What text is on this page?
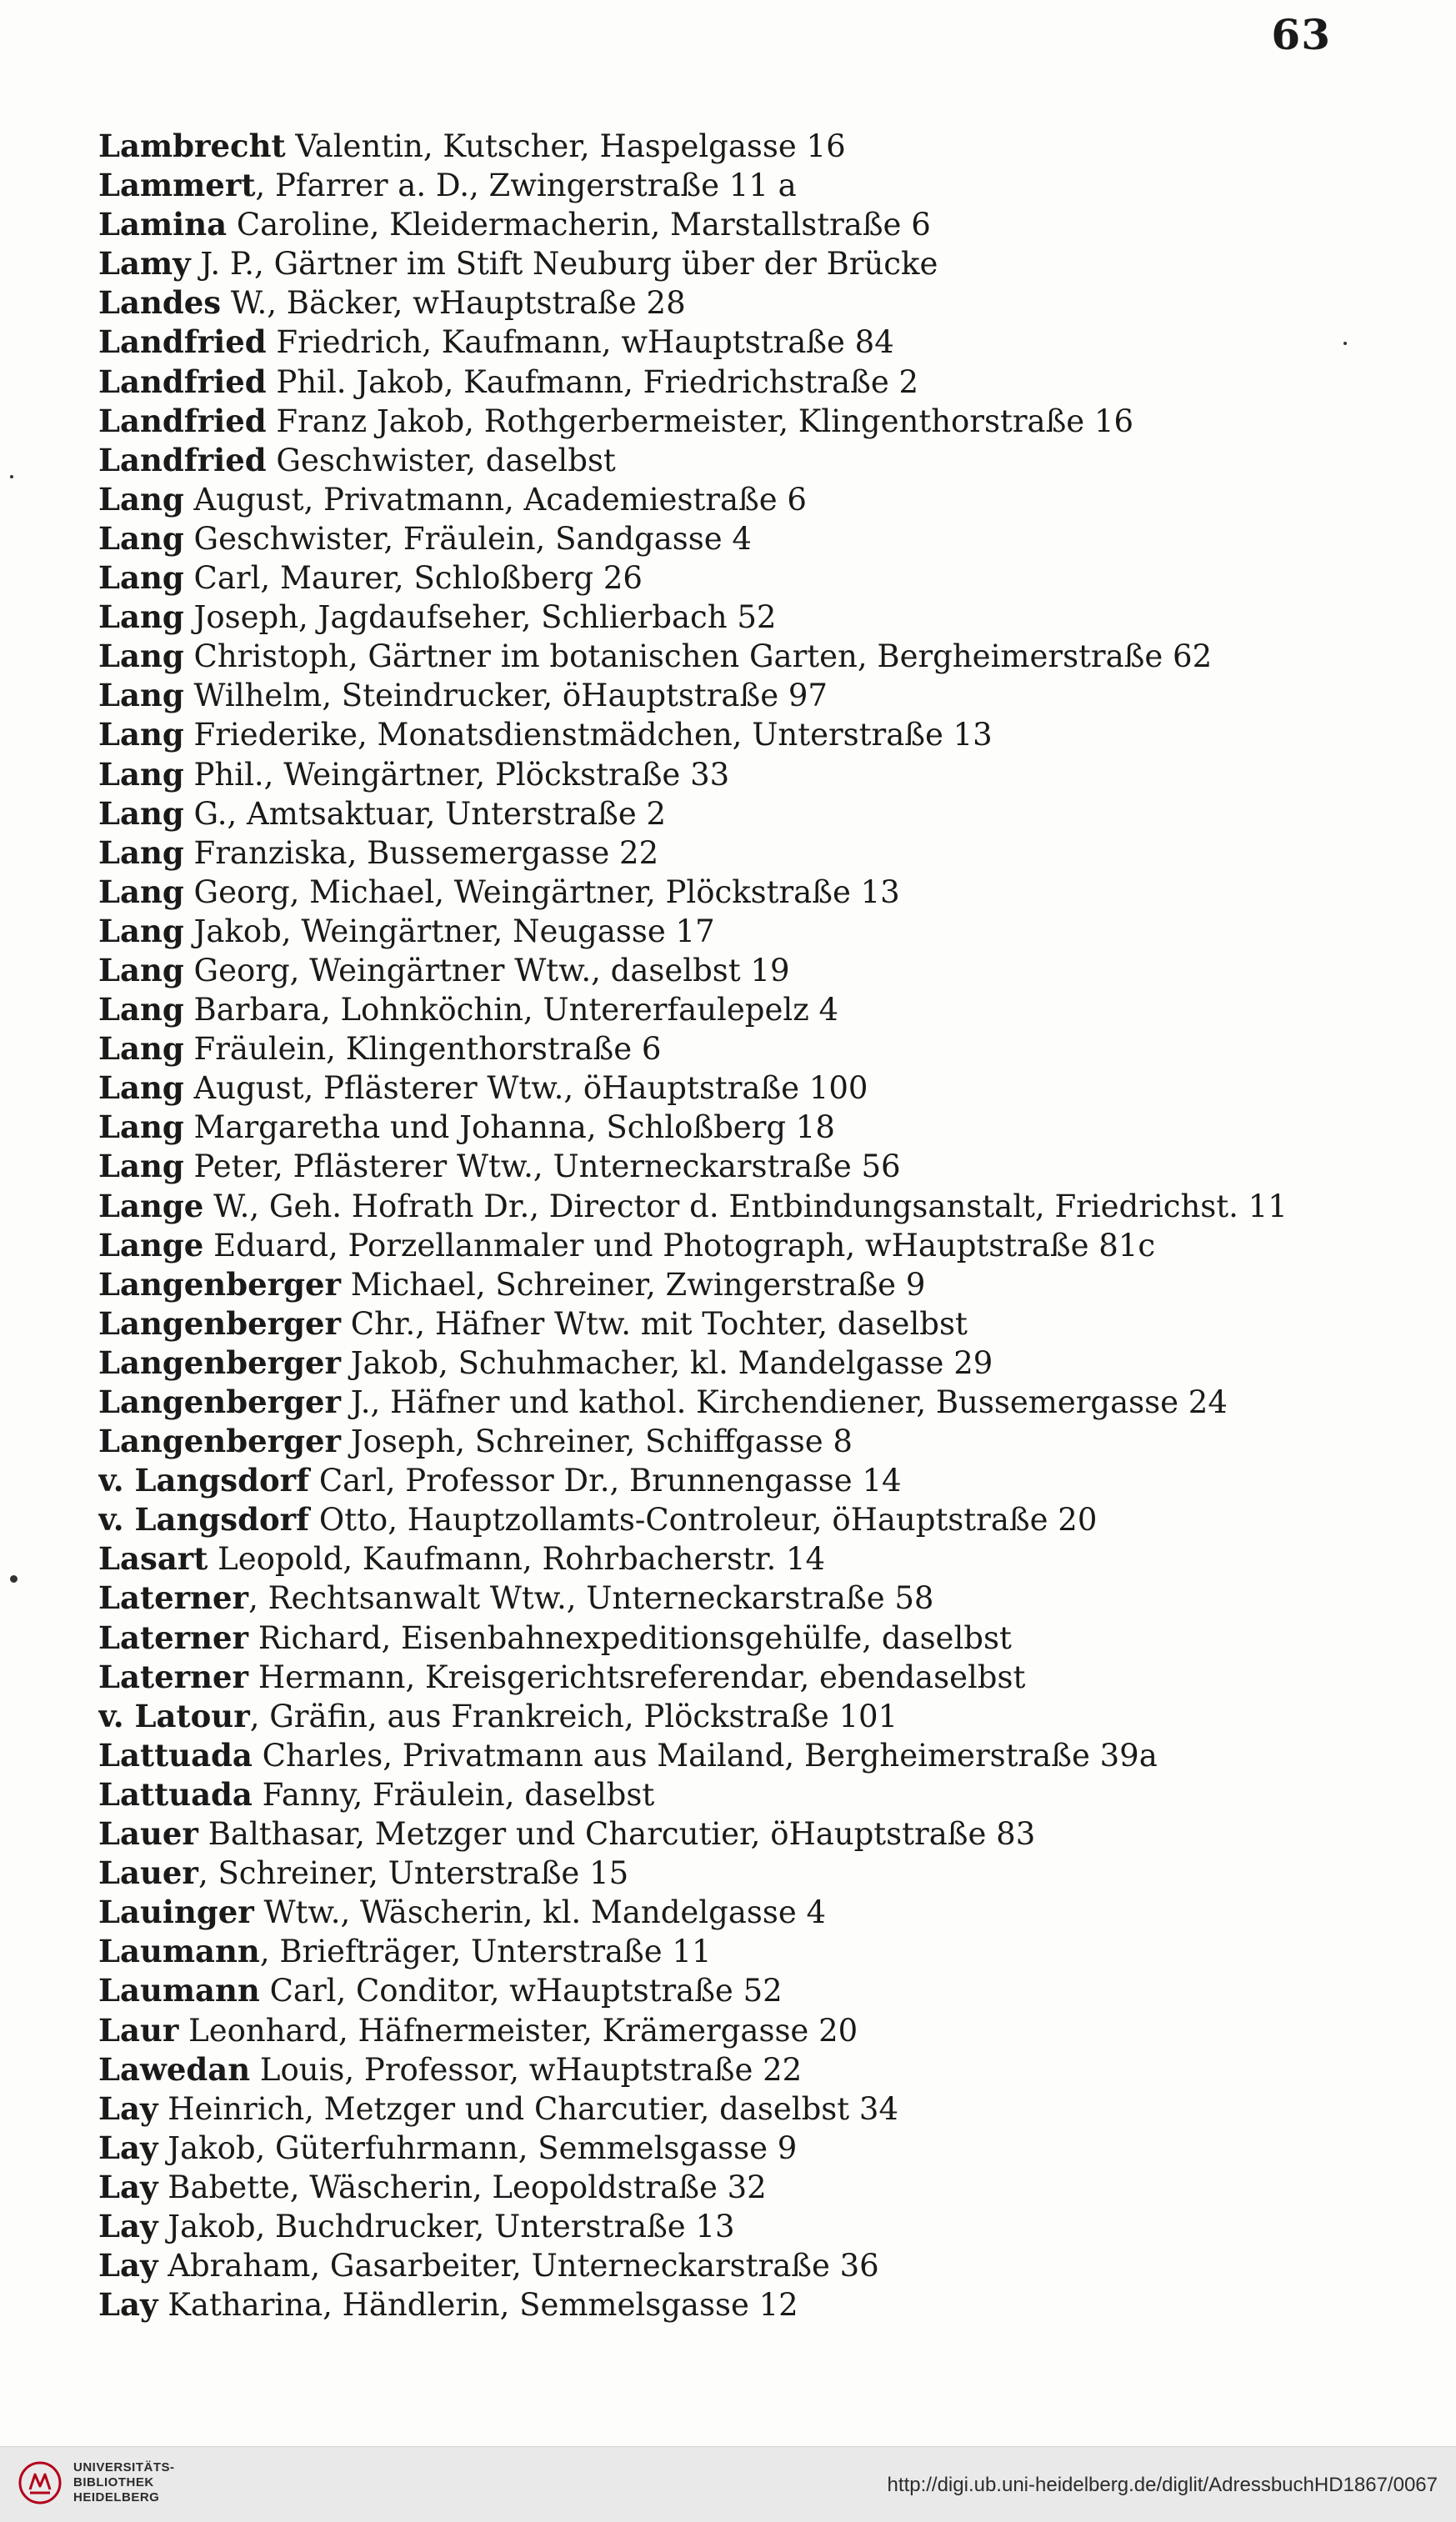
63
Lambrecht Valentin, Kutscher, Haspelgasse 16
Lammert, Pfarrer a. D., Zwingerstraße 11 a
Lamina Caroline, Kleidermacherin, Marstallstraße 6
Lamy J. P., Gärtner im Stift Neuburg über der Brücke
Landes W., Bäcker, wHauptstraße 28
Landfried Friedrich, Kaufmann, wHauptstraße 84
Landfried Phil. Jakob, Kaufmann, Friedrichstraße 2
Landfried Franz Jakob, Rothgerbermeister, Klingenthorstraße 16
Landfried Geschwister, daselbst
Lang August, Privatmann, Academiestraße 6
Lang Geschwister, Fräulein, Sandgasse 4
Lang Carl, Maurer, Schloßberg 26
Lang Joseph, Jagdaufseher, Schlierbach 52
Lang Christoph, Gärtner im botanischen Garten, Bergheimerstraße 62
Lang Wilhelm, Steindrucker, öHauptstraße 97
Lang Friederike, Monatsdienstmädchen, Unterstraße 13
Lang Phil., Weingärtner, Plöckstraße 33
Lang G., Amtsaktuar, Unterstraße 2
Lang Franziska, Bussemergasse 22
Lang Georg, Michael, Weingärtner, Plöckstraße 13
Lang Jakob, Weingärtner, Neugasse 17
Lang Georg, Weingärtner Wtw., daselbst 19
Lang Barbara, Lohnköchin, Untererfaulepelz 4
Lang Fräulein, Klingenthorstraße 6
Lang August, Pflästerer Wtw., öHauptstraße 100
Lang Margaretha und Johanna, Schloßberg 18
Lang Peter, Pflästerer Wtw., Unterneckarstraße 56
Lange W., Geh. Hofrath Dr., Director d. Entbindungsanstalt, Friedrichst. 11
Lange Eduard, Porzellanmaler und Photograph, wHauptstraße 81c
Langenberger Michael, Schreiner, Zwingerstraße 9
Langenberger Chr., Häfner Wtw. mit Tochter, daselbst
Langenberger Jakob, Schuhmacher, kl. Mandelgasse 29
Langenberger J., Häfner und kathol. Kirchendiener, Bussemergasse 24
Langenberger Joseph, Schreiner, Schiffgasse 8
v. Langsdorf Carl, Professor Dr., Brunnengasse 14
v. Langsdorf Otto, Hauptzollamts-Controleur, öHauptstraße 20
Lasart Leopold, Kaufmann, Rohrbacherstr. 14
Laterner, Rechtsanwalt Wtw., Unterneckarstraße 58
Laterner Richard, Eisenbahnexpeditionsgehülfe, daselbst
Laterner Hermann, Kreisgerichtsreferendar, ebendaselbst
v. Latour, Gräfin, aus Frankreich, Plöckstraße 101
Lattuada Charles, Privatmann aus Mailand, Bergheimerstraße 39a
Lattuada Fanny, Fräulein, daselbst
Lauer Balthasar, Metzger und Charcutier, öHauptstraße 83
Lauer, Schreiner, Unterstraße 15
Lauinger Wtw., Wäscherin, kl. Mandelgasse 4
Laumann, Briefträger, Unterstraße 11
Laumann Carl, Conditor, wHauptstraße 52
Laur Leonhard, Häfnermeister, Krämergasse 20
Lawedan Louis, Professor, wHauptstraße 22
Lay Heinrich, Metzger und Charcutier, daselbst 34
Lay Jakob, Güterfuhrmann, Semmelsgasse 9
Lay Babette, Wäscherin, Leopoldstraße 32
Lay Jakob, Buchdrucker, Unterstraße 13
Lay Abraham, Gasarbeiter, Unterneckarstraße 36
Lay Katharina, Händlerin, Semmelsgasse 12
UNIVERSITÄTS-
BIBLIOTHEK
HEIDELBERG
http://digi.ub.uni-heidelberg.de/diglit/AdressbuchHD1867/0067
